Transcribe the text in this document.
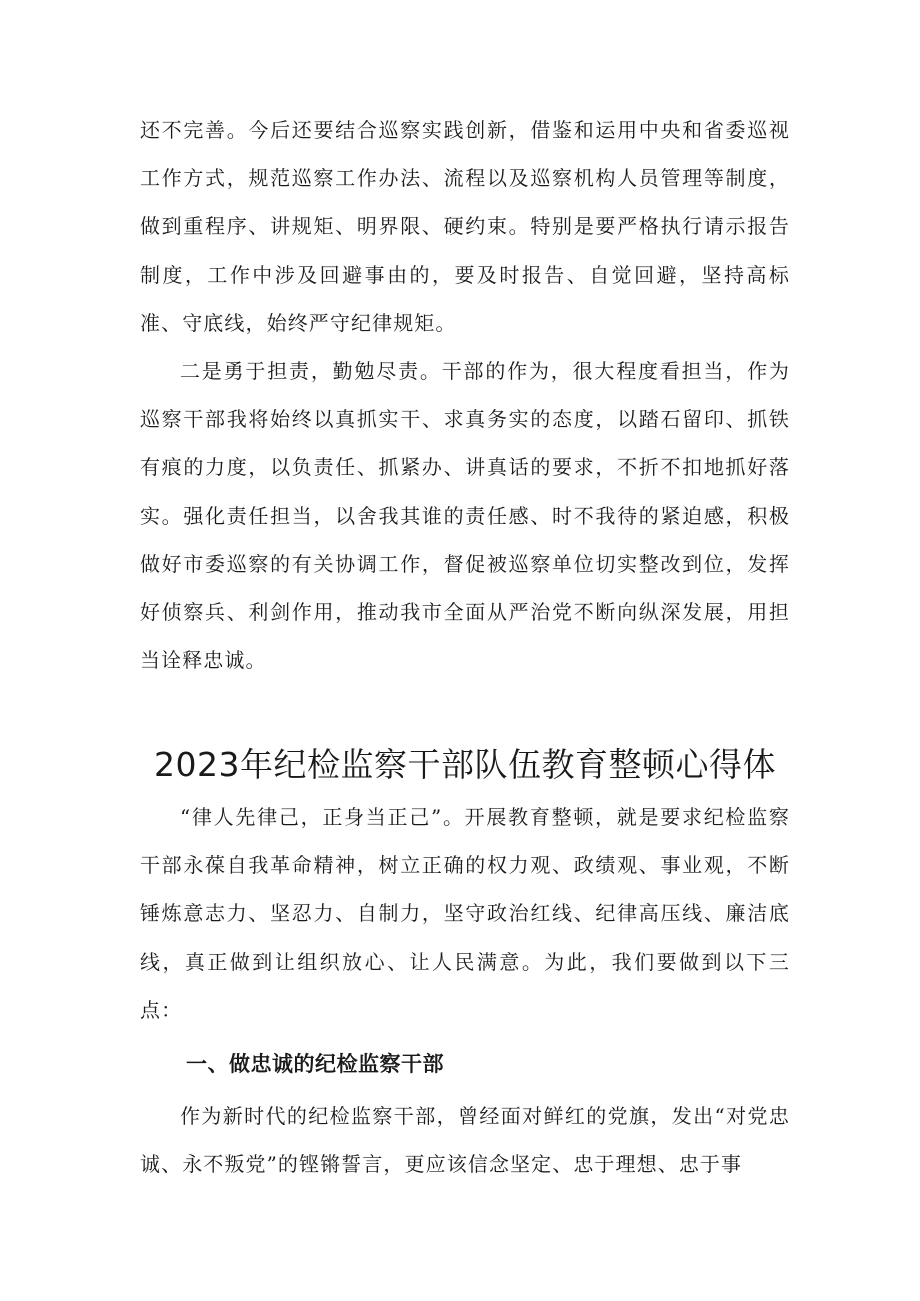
还不完善。今后还要结合巡察实践创新，借鉴和运用中央和省委巡视工作方式，规范巡察工作办法、流程以及巡察机构人员管理等制度，做到重程序、讲规矩、明界限、硬约束。特别是要严格执行请示报告制度，工作中涉及回避事由的，要及时报告、自觉回避，坚持高标准、守底线，始终严守纪律规矩。

二是勇于担责，勤勉尽责。干部的作为，很大程度看担当，作为巡察干部我将始终以真抓实干、求真务实的态度，以踏石留印、抓铁有痕的力度，以负责任、抓紧办、讲真话的要求，不折不扣地抓好落实。强化责任担当，以舍我其谁的责任感、时不我待的紧迫感，积极做好市委巡察的有关协调工作，督促被巡察单位切实整改到位，发挥好侦察兵、利剑作用，推动我市全面从严治党不断向纵深发展，用担当诠释忠诚。

2023年纪检监察干部队伍教育整顿心得体

“律人先律己，正身当正己”。开展教育整顿，就是要求纪检监察干部永葆自我革命精神，树立正确的权力观、政绩观、事业观，不断锤炼意志力、坚忍力、自制力，坚守政治红线、纪律高压线、廉洁底线，真正做到让组织放心、让人民满意。为此，我们要做到以下三点：

一、做忠诚的纪检监察干部

作为新时代的纪检监察干部，曾经面对鲜红的党旗，发出“对党忠诚、永不叛党”的铿锵誓言，更应该信念坚定、忠于理想、忠于事
